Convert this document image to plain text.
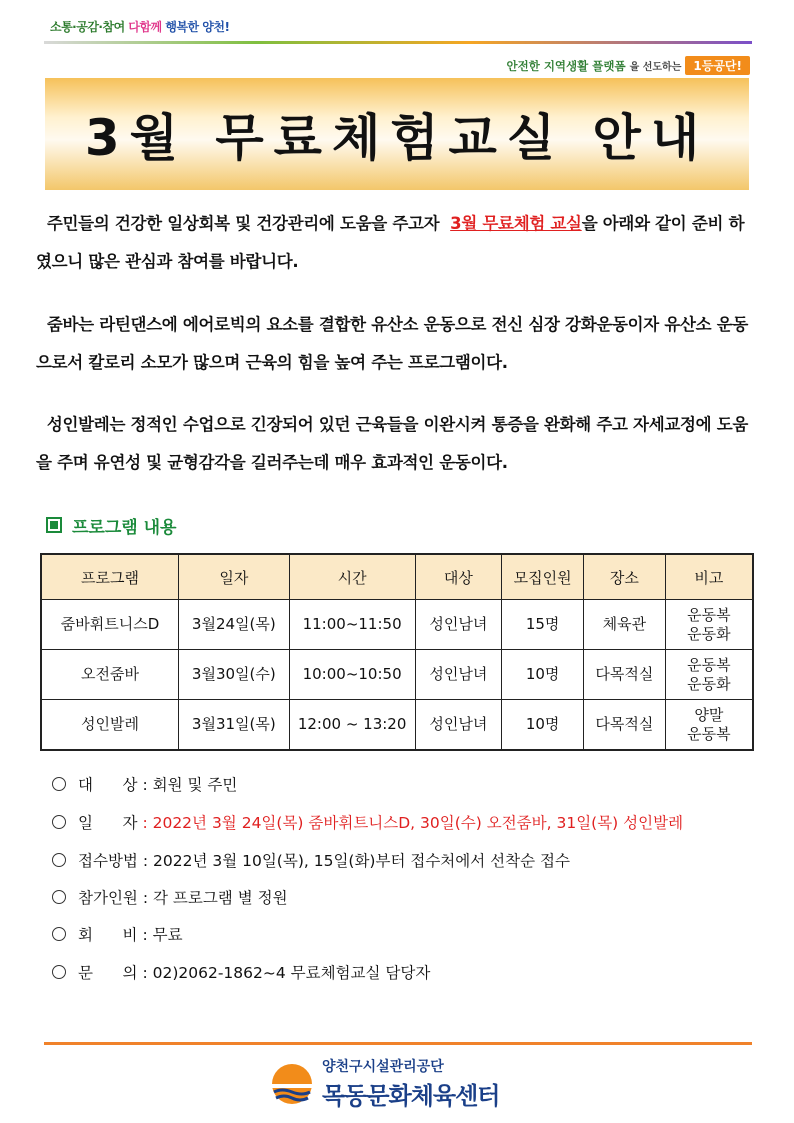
소통·공감·참여 다함께 행복한 양천!
안전한 지역생활 플랫폼 을 선도하는	1등공단!
3월 무료체험교실 안내
주민들의 건강한 일상회복 및 건강관리에 도움을 주고자 3월 무료체험 교실을 아래와 같이 준비 하였으니 많은 관심과 참여를 바랍니다.
줌바는 라틴댄스에 에어로빅의 요소를 결합한 유산소 운동으로 전신 심장 강화운동이자 유산소 운동으로서 칼로리 소모가 많으며 근육의 힘을 높여 주는 프로그램이다.
성인발레는 정적인 수업으로 긴장되어 있던 근육들을 이완시켜 통증을 완화해 주고 자세교정에 도움을 주며 유연성 및 균형감각을 길러주는데 매우 효과적인 운동이다.
프로그램 내용
프로그램	일자	시간	대상	모집인원	장소	비고
줌바휘트니스D	3월24일(목)	11:00~11:50	성인남녀	15명	체육관	운동복
운동화

오전줌바	3월30일(수)	10:00~10:50	성인남녀	10명	다목적실	운동복
운동화

성인발레	3월31일(목)	12:00 ~ 13:20	성인남녀	10명	다목적실	양말
운동복
대      상 : 회원 및 주민
일      자 : 2022년 3월 24일(목) 줌바휘트니스D, 30일(수) 오전줌바, 31일(목) 성인발레
접수방법 : 2022년 3월 10일(목), 15일(화)부터 접수처에서 선착순 접수
참가인원 : 각 프로그램 별 정원
회      비 : 무료
문      의 : 02)2062-1862~4 무료체험교실 담당자
양천구시설관리공단
목동문화체육센터
